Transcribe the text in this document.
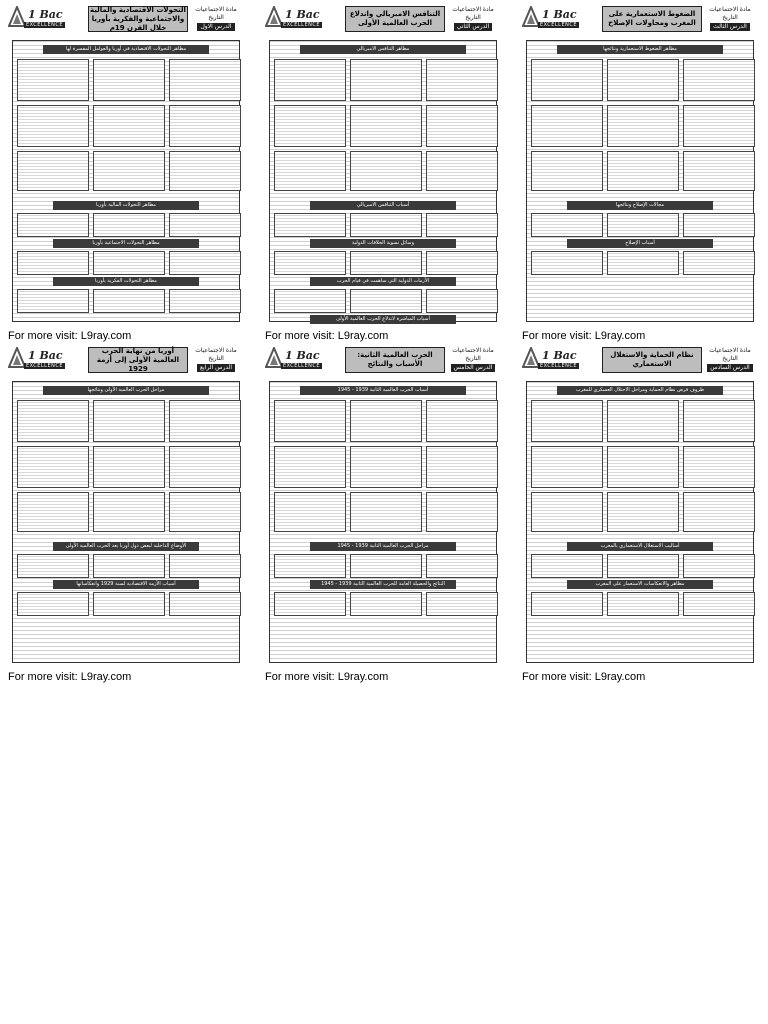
1 Bac
EXCELLENCE
التحولات الاقتصادية والمالية والاجتماعية والفكرية بأوربا خلال القرن 19م
مادة الاجتماعيات
التاريخ
الدرس الاول
مظاهر التحولات الاقتصادية في أوربا والعوامل المفسرة لها
مظاهر التحولات المالية بأوربا
مظاهر التحولات الاجتماعية بأوربا
مظاهر التحولات الفكرية بأوربا
For more visit: L9ray.com
1 Bac
EXCELLENCE
التنافس الامبريالي واندلاع الحرب العالمية الأولى
مادة الاجتماعيات
التاريخ
الدرس الثاني
مظاهر التنافس الامبريالي
أسباب التنافس الامبريالي
وسائل تسوية الخلافات الدولية
الأزمات الدولية التي ساهمت في قيام الحرب
أسباب المباشرة لاندلاع الحرب العالمية الأولى
For more visit: L9ray.com
1 Bac
EXCELLENCE
الضغوط الاستعمارية على المغرب ومحاولات الإصلاح
مادة الاجتماعيات
التاريخ
الدرس الثالث
مظاهر الضغوط الاستعمارية ونتائجها
مجالات الإصلاح ونتائجها
أسباب الإصلاح
For more visit: L9ray.com
1 Bac
EXCELLENCE
أوربا من نهاية الحرب العالمية الأولى إلى أزمة 1929
مادة الاجتماعيات
التاريخ
الدرس الرابع
مراحل الحرب العالمية الأولى ونتائجها
الأوضاع الداخلية لبعض دول أوربا بعد الحرب العالمية الأولى
أسباب الأزمة الاقتصادية لسنة 1929 وانعكاساتها
For more visit: L9ray.com
1 Bac
EXCELLENCE
الحرب العالمية الثانية: الأسباب والنتائج
مادة الاجتماعيات
التاريخ
الدرس الخامس
أسباب الحرب العالمية الثانية 1939 - 1945
مراحل الحرب العالمية الثانية 1939 - 1945
النتائج والحصيلة العامة للحرب العالمية الثانية 1939 - 1945
For more visit: L9ray.com
1 Bac
EXCELLENCE
نظام الحماية والاستغلال الاستعماري
مادة الاجتماعيات
التاريخ
الدرس السادس
ظروف فرض نظام الحماية ومراحل الاحتلال العسكري للمغرب
أساليب الاستغلال الاستعماري بالمغرب
مظاهر والانعكاسات الاستعمار على المغرب
For more visit: L9ray.com
